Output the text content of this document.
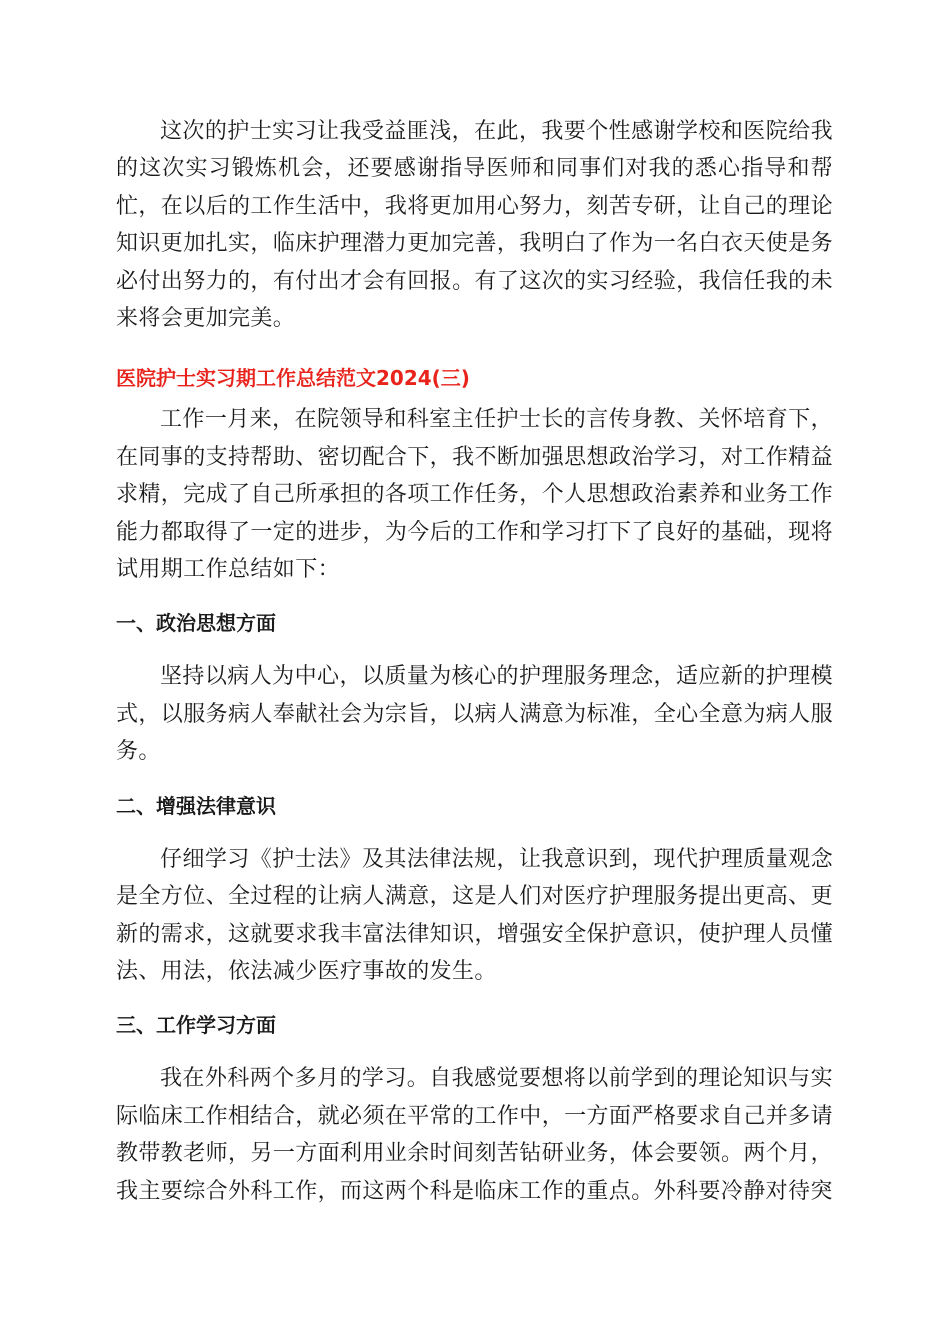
这次的护士实习让我受益匪浅，在此，我要个性感谢学校和医院给我的这次实习锻炼机会，还要感谢指导医师和同事们对我的悉心指导和帮忙，在以后的工作生活中，我将更加用心努力，刻苦专研，让自己的理论知识更加扎实，临床护理潜力更加完善，我明白了作为一名白衣天使是务必付出努力的，有付出才会有回报。有了这次的实习经验，我信任我的未来将会更加完美。

医院护士实习期工作总结范文2024(三)

工作一月来，在院领导和科室主任护士长的言传身教、关怀培育下，在同事的支持帮助、密切配合下，我不断加强思想政治学习，对工作精益求精，完成了自己所承担的各项工作任务，个人思想政治素养和业务工作能力都取得了一定的进步，为今后的工作和学习打下了良好的基础，现将试用期工作总结如下：

一、政治思想方面

坚持以病人为中心，以质量为核心的护理服务理念，适应新的护理模式，以服务病人奉献社会为宗旨，以病人满意为标准，全心全意为病人服务。

二、增强法律意识

仔细学习《护士法》及其法律法规，让我意识到，现代护理质量观念是全方位、全过程的让病人满意，这是人们对医疗护理服务提出更高、更新的需求，这就要求我丰富法律知识，增强安全保护意识，使护理人员懂法、用法，依法减少医疗事故的发生。

三、工作学习方面

我在外科两个多月的学习。自我感觉要想将以前学到的理论知识与实际临床工作相结合，就必须在平常的工作中，一方面严格要求自己并多请教带教老师，另一方面利用业余时间刻苦钻研业务，体会要领。两个月，我主要综合外科工作，而这两个科是临床工作的重点。外科要冷静对待突
